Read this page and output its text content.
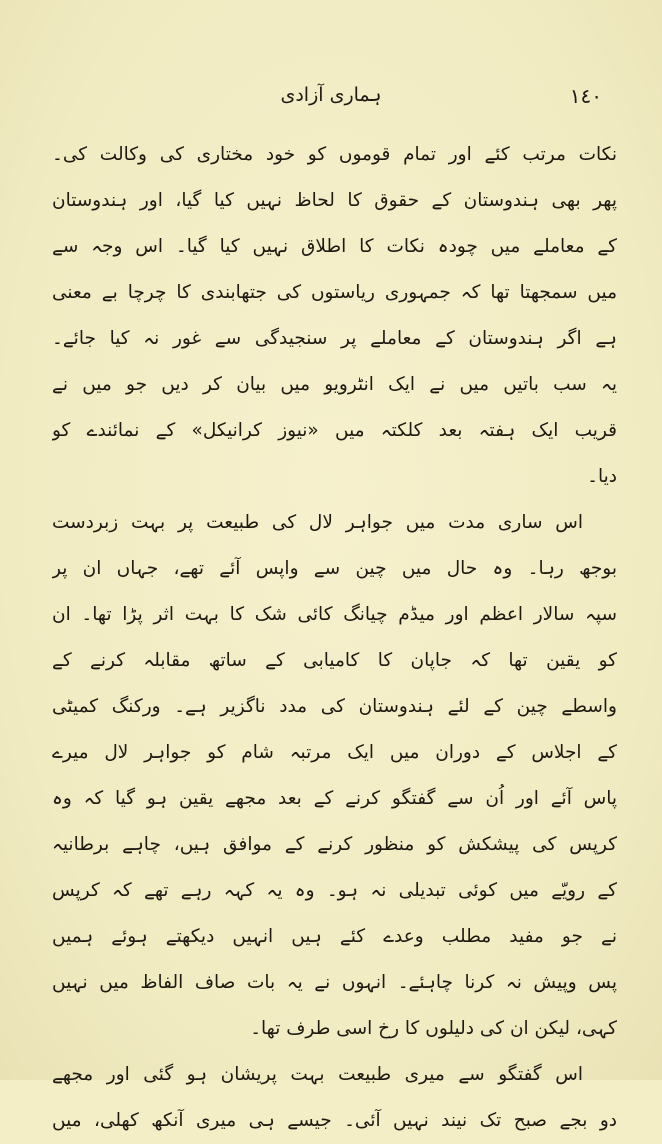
ہماری آزادی	١٤٠
نکات مرتب کئے اور تمام قوموں کو خود مختاری کی وکالت کی۔
پھر بھی ہندوستان کے حقوق کا لحاظ نہیں کیا گیا، اور ہندوستان
کے معاملے میں چودہ نکات کا اطلاق نہیں کیا گیا۔ اس وجہ سے
میں سمجھتا تھا کہ جمہوری ریاستوں کی جتھابندی کا چرچا بے معنی
ہے اگر ہندوستان کے معاملے پر سنجیدگی سے غور نہ کیا جائے۔
یہ سب باتیں میں نے ایک انٹرویو میں بیان کر دیں جو میں نے
قریب ایک ہفتہ بعد کلکتہ میں «نیوز کرانیکل» کے نمائندے کو
دیا۔
اس ساری مدت میں جواہر لال کی طبیعت پر بہت زبردست
بوجھ رہا۔ وہ حال میں چین سے واپس آئے تھے، جہاں ان پر
سپہ سالار اعظم اور میڈم چیانگ کائی شک کا بہت اثر پڑا تھا۔ ان
کو یقین تھا کہ جاپان کا کامیابی کے ساتھ مقابلہ کرنے کے
واسطے چین کے لئے ہندوستان کی مدد ناگزیر ہے۔ ورکنگ کمیٹی
کے اجلاس کے دوران میں ایک مرتبہ شام کو جواہر لال میرے
پاس آئے اور اُن سے گفتگو کرنے کے بعد مجھے یقین ہو گیا کہ وہ
کرپس کی پیشکش کو منظور کرنے کے موافق ہیں، چاہے برطانیہ
کے رویّے میں کوئی تبدیلی نہ ہو۔ وہ یہ کہہ رہے تھے کہ کرپس
نے جو مفید مطلب وعدے کئے ہیں انہیں دیکھتے ہوئے ہمیں
پس وپیش نہ کرنا چاہئے۔ انہوں نے یہ بات صاف الفاظ میں نہیں
کہی، لیکن ان کی دلیلوں کا رخ اسی طرف تھا۔
اس گفتگو سے میری طبیعت بہت پریشان ہو گئی اور مجھے
دو بجے صبح تک نیند نہیں آئی۔ جیسے ہی میری آنکھ کھلی، میں
